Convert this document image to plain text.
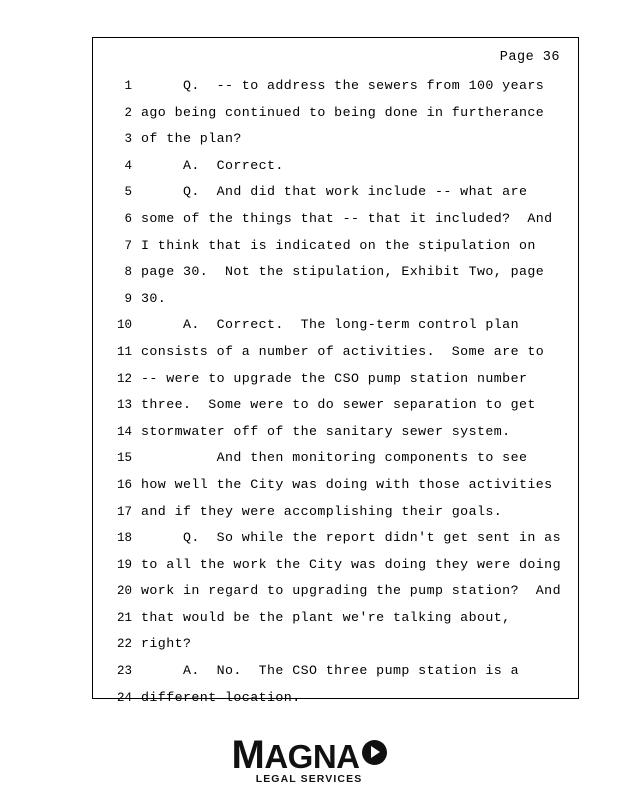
Page 36
1 Q.  -- to address the sewers from 100 years
2 ago being continued to being done in furtherance
3 of the plan?
4 A.  Correct.
5 Q.  And did that work include -- what are
6 some of the things that -- that it included?  And
7 I think that is indicated on the stipulation on
8 page 30.  Not the stipulation, Exhibit Two, page
9 30.
10 A.  Correct.  The long-term control plan
11 consists of a number of activities.  Some are to
12 -- were to upgrade the CSO pump station number
13 three.  Some were to do sewer separation to get
14 stormwater off of the sanitary sewer system.
15 And then monitoring components to see
16 how well the City was doing with those activities
17 and if they were accomplishing their goals.
18 Q.  So while the report didn't get sent in as
19 to all the work the City was doing they were doing
20 work in regard to upgrading the pump station?  And
21 that would be the plant we're talking about,
22 right?
23 A.  No.  The CSO three pump station is a
24 different location.
MAGNA
LEGAL SERVICES
